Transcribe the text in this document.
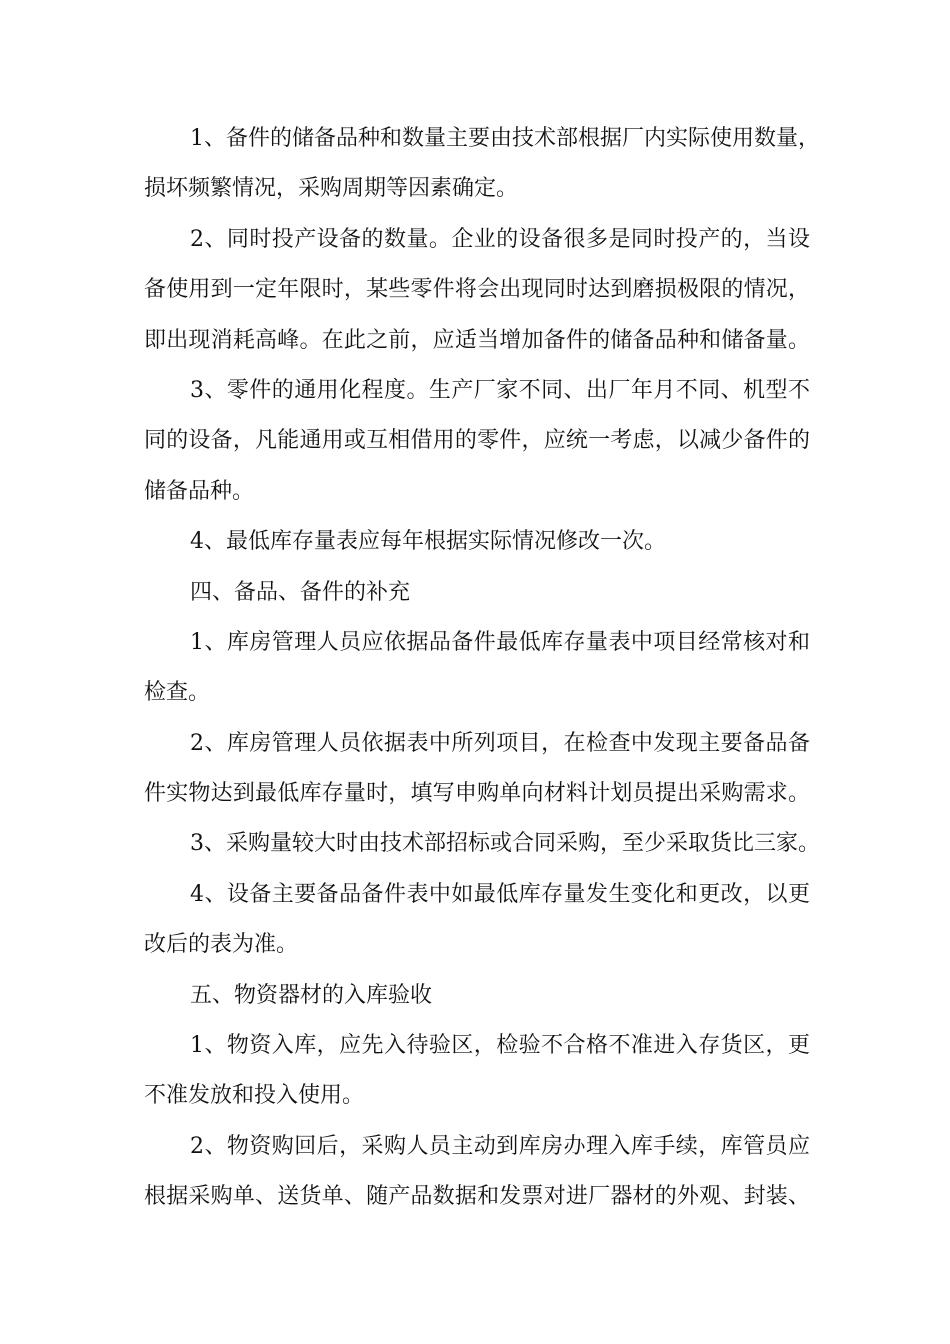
1、备件的储备品种和数量主要由技术部根据厂内实际使用数量，
损坏频繁情况，采购周期等因素确定。
2、同时投产设备的数量。企业的设备很多是同时投产的，当设
备使用到一定年限时，某些零件将会出现同时达到磨损极限的情况，
即出现消耗高峰。在此之前，应适当增加备件的储备品种和储备量。
3、零件的通用化程度。生产厂家不同、出厂年月不同、机型不
同的设备，凡能通用或互相借用的零件，应统一考虑，以减少备件的
储备品种。
4、最低库存量表应每年根据实际情况修改一次。
四、备品、备件的补充
1、库房管理人员应依据品备件最低库存量表中项目经常核对和
检查。
2、库房管理人员依据表中所列项目，在检查中发现主要备品备
件实物达到最低库存量时，填写申购单向材料计划员提出采购需求。
3、采购量较大时由技术部招标或合同采购，至少采取货比三家。
4、设备主要备品备件表中如最低库存量发生变化和更改，以更
改后的表为准。
五、物资器材的入库验收
1、物资入库，应先入待验区，检验不合格不准进入存货区，更
不准发放和投入使用。
2、物资购回后，采购人员主动到库房办理入库手续，库管员应
根据采购单、送货单、随产品数据和发票对进厂器材的外观、封装、
